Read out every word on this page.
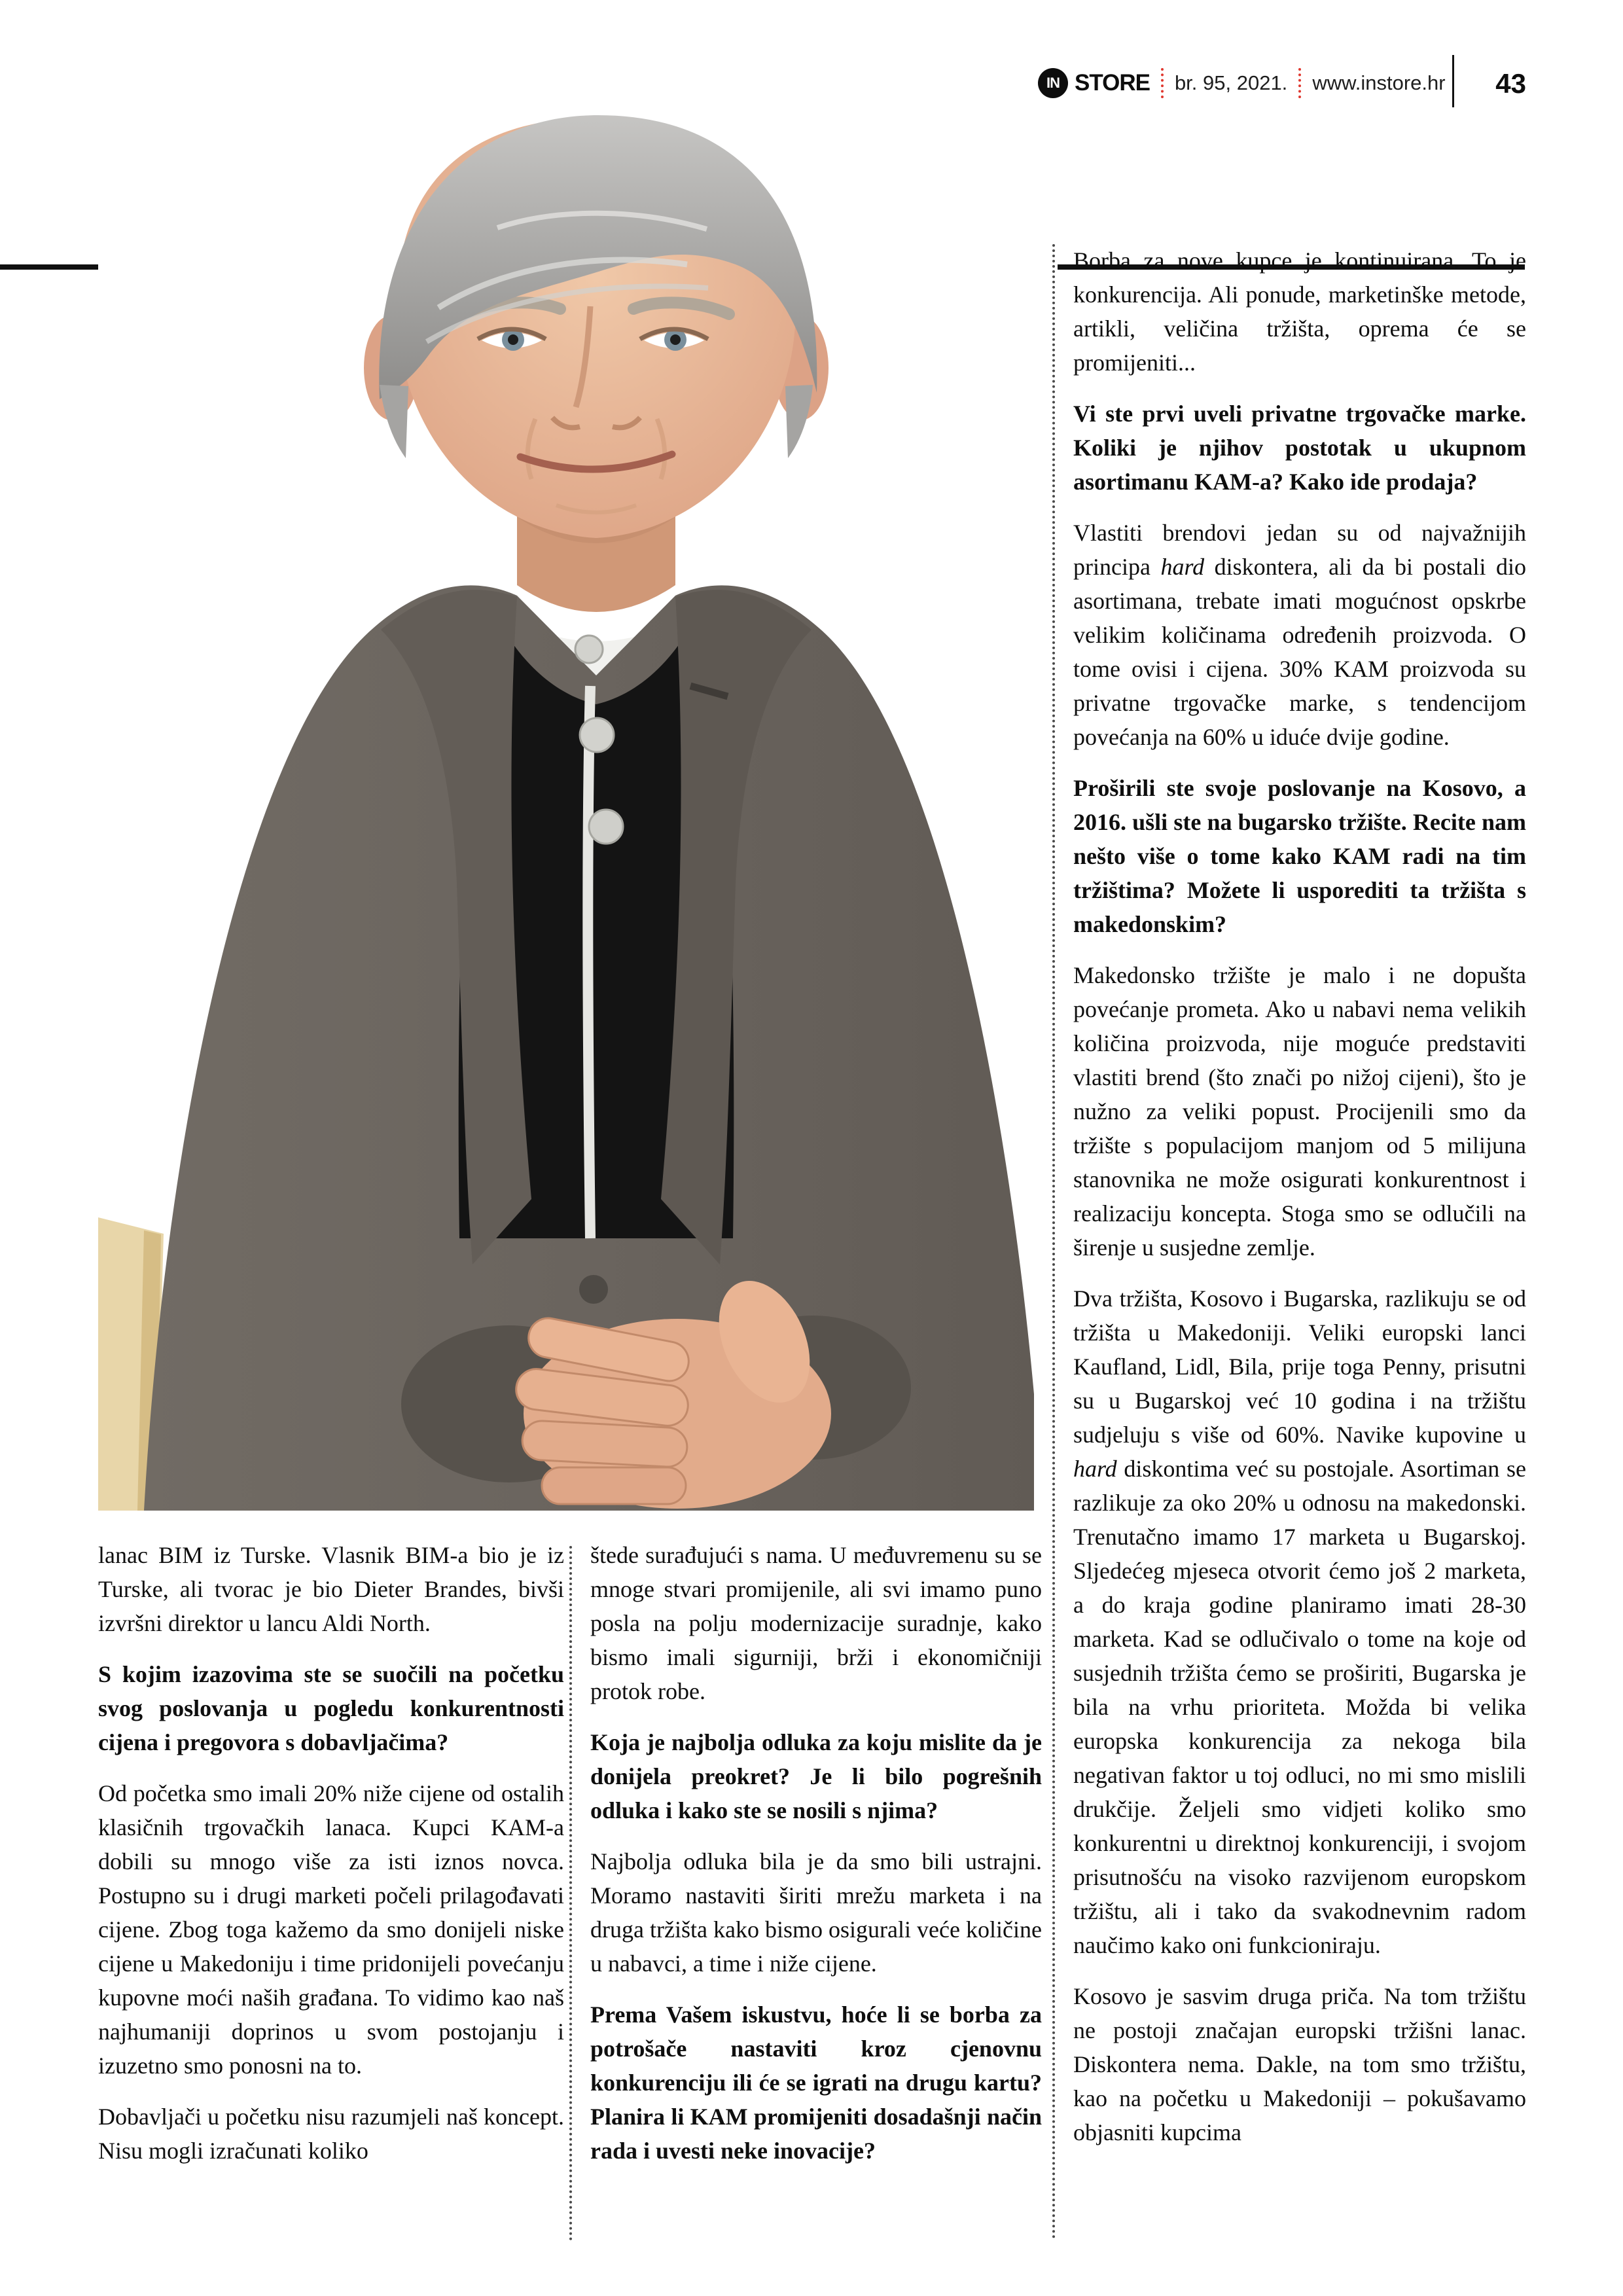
IN STORE br. 95, 2021. www.instore.hr	43

lanac BIM iz Turske. Vlasnik BIM-a bio je iz Turske, ali tvorac je bio Dieter Brandes, bivši izvršni direktor u lancu Aldi North.

S kojim izazovima ste se suočili na početku svog poslovanja u pogledu konkurentnosti cijena i pregovora s dobavljačima?

Od početka smo imali 20% niže cijene od ostalih klasičnih trgovačkih lanaca. Kupci KAM-a dobili su mnogo više za isti iznos novca. Postupno su i drugi marketi počeli prilagođavati cijene. Zbog toga kažemo da smo donijeli niske cijene u Makedoniju i time pridonijeli povećanju kupovne moći naših građana. To vidimo kao naš najhumaniji doprinos u svom postojanju i izuzetno smo ponosni na to.

Dobavljači u početku nisu razumjeli naš koncept. Nisu mogli izračunati koliko

štede surađujući s nama. U međuvremenu su se mnoge stvari promijenile, ali svi imamo puno posla na polju modernizacije suradnje, kako bismo imali sigurniji, brži i ekonomičniji protok robe.

Koja je najbolja odluka za koju mislite da je donijela preokret? Je li bilo pogrešnih odluka i kako ste se nosili s njima?

Najbolja odluka bila je da smo bili ustrajni. Moramo nastaviti širiti mrežu marketa i na druga tržišta kako bismo osigurali veće količine u nabavci, a time i niže cijene.

Prema Vašem iskustvu, hoće li se borba za potrošače nastaviti kroz cjenovnu konkurenciju ili će se igrati na drugu kartu? Planira li KAM promijeniti dosadašnji način rada i uvesti neke inovacije?

Borba za nove kupce je kontinuirana. To je konkurencija. Ali ponude, marketinške metode, artikli, veličina tržišta, oprema će se promijeniti...

Vi ste prvi uveli privatne trgovačke marke. Koliki je njihov postotak u ukupnom asortimanu KAM-a? Kako ide prodaja?

Vlastiti brendovi jedan su od najvažnijih principa hard diskontera, ali da bi postali dio asortimana, trebate imati mogućnost opskrbe velikim količinama određenih proizvoda. O tome ovisi i cijena. 30% KAM proizvoda su privatne trgovačke marke, s tendencijom povećanja na 60% u iduće dvije godine.

Proširili ste svoje poslovanje na Kosovo, a 2016. ušli ste na bugarsko tržište. Recite nam nešto više o tome kako KAM radi na tim tržištima? Možete li usporediti ta tržišta s makedonskim?

Makedonsko tržište je malo i ne dopušta povećanje prometa. Ako u nabavi nema velikih količina proizvoda, nije moguće predstaviti vlastiti brend (što znači po nižoj cijeni), što je nužno za veliki popust. Procijenili smo da tržište s populacijom manjom od 5 milijuna stanovnika ne može osigurati konkurentnost i realizaciju koncepta. Stoga smo se odlučili na širenje u susjedne zemlje.

Dva tržišta, Kosovo i Bugarska, razlikuju se od tržišta u Makedoniji. Veliki europski lanci Kaufland, Lidl, Bila, prije toga Penny, prisutni su u Bugarskoj već 10 godina i na tržištu sudjeluju s više od 60%. Navike kupovine u hard diskontima već su postojale. Asortiman se razlikuje za oko 20% u odnosu na makedonski. Trenutačno imamo 17 marketa u Bugarskoj. Sljedećeg mjeseca otvorit ćemo još 2 marketa, a do kraja godine planiramo imati 28-30 marketa. Kad se odlučivalo o tome na koje od susjednih tržišta ćemo se proširiti, Bugarska je bila na vrhu prioriteta. Možda bi velika europska konkurencija za nekoga bila negativan faktor u toj odluci, no mi smo mislili drukčije. Željeli smo vidjeti koliko smo konkurentni u direktnoj konkurenciji, i svojom prisutnošću na visoko razvijenom europskom tržištu, ali i tako da svakodnevnim radom naučimo kako oni funkcioniraju.

Kosovo je sasvim druga priča. Na tom tržištu ne postoji značajan europski tržišni lanac. Diskontera nema. Dakle, na tom smo tržištu, kao na početku u Makedoniji – pokušavamo objasniti kupcima
